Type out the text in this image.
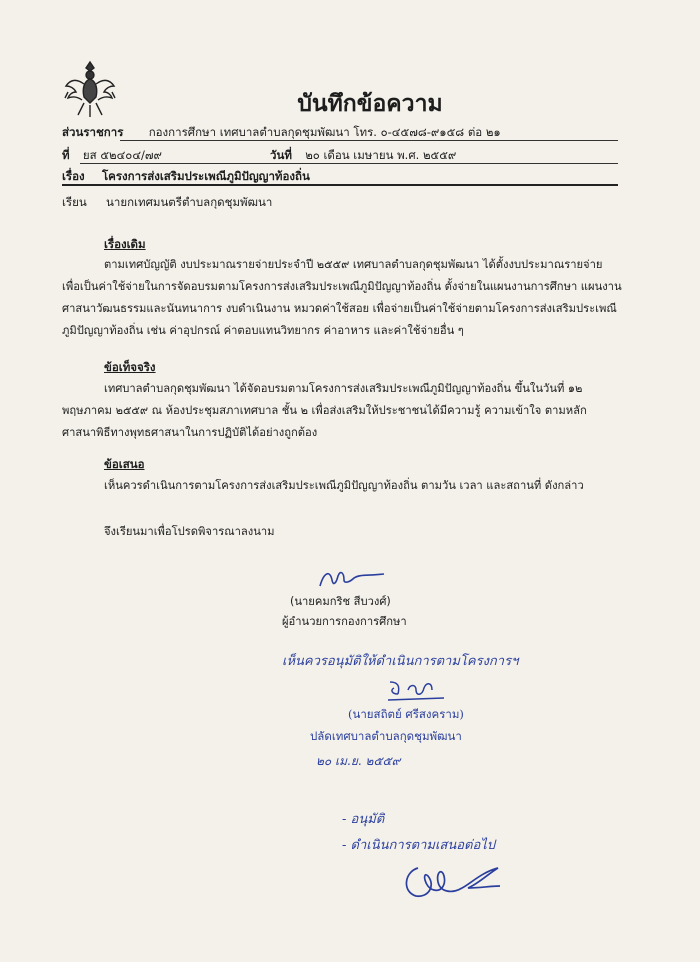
บันทึกข้อความ
ส่วนราชการ กองการศึกษา เทศบาลตำบลกุดชุมพัฒนา โทร. ๐-๔๕๗๘-๙๑๕๘ ต่อ ๒๑
ที่ ยส ๕๒๔๐๔/๗๙	วันที่ ๒๐ เดือน เมษายน พ.ศ. ๒๕๕๙
เรื่อง โครงการส่งเสริมประเพณีภูมิปัญญาท้องถิ่น
เรียน นายกเทศมนตรีตำบลกุดชุมพัฒนา
เรื่องเดิม
ตามเทศบัญญัติ งบประมาณรายจ่ายประจำปี ๒๕๕๙ เทศบาลตำบลกุดชุมพัฒนา ได้ตั้งงบประมาณรายจ่าย
เพื่อเป็นค่าใช้จ่ายในการจัดอบรมตามโครงการส่งเสริมประเพณีภูมิปัญญาท้องถิ่น ตั้งจ่ายในแผนงานการศึกษา แผนงาน
ศาสนาวัฒนธรรมและนันทนาการ งบดำเนินงาน หมวดค่าใช้สอย เพื่อจ่ายเป็นค่าใช้จ่ายตามโครงการส่งเสริมประเพณี
ภูมิปัญญาท้องถิ่น เช่น ค่าอุปกรณ์ ค่าตอบแทนวิทยากร ค่าอาหาร และค่าใช้จ่ายอื่น ๆ
ข้อเท็จจริง
เทศบาลตำบลกุดชุมพัฒนา ได้จัดอบรมตามโครงการส่งเสริมประเพณีภูมิปัญญาท้องถิ่น ขึ้นในวันที่ ๑๒
พฤษภาคม ๒๕๕๙ ณ ห้องประชุมสภาเทศบาล ชั้น ๒ เพื่อส่งเสริมให้ประชาชนได้มีความรู้ ความเข้าใจ ตามหลัก
ศาสนาพิธีทางพุทธศาสนาในการปฏิบัติได้อย่างถูกต้อง
ข้อเสนอ
เห็นควรดำเนินการตามโครงการส่งเสริมประเพณีภูมิปัญญาท้องถิ่น ตามวัน เวลา และสถานที่ ดังกล่าว
จึงเรียนมาเพื่อโปรดพิจารณาลงนาม
(นายคมกริช สีบวงศ์)
ผู้อำนวยการกองการศึกษา
เห็นควรอนุมัติให้ดำเนินการตามโครงการฯ
(นายสถิตย์ ศรีสงคราม)
ปลัดเทศบาลตำบลกุดชุมพัฒนา
๒๐ เม.ย. ๒๕๕๙
- อนุมัติ
- ดำเนินการตามเสนอต่อไป
